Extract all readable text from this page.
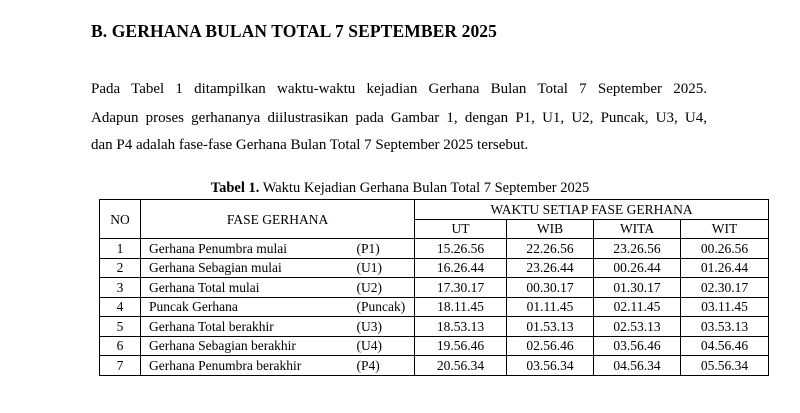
B. GERHANA BULAN TOTAL 7 SEPTEMBER 2025
Pada Tabel 1 ditampilkan waktu-waktu kejadian Gerhana Bulan Total 7 September 2025.
Adapun proses gerhananya diilustrasikan pada Gambar 1, dengan P1, U1, U2, Puncak, U3, U4,
dan P4 adalah fase-fase Gerhana Bulan Total 7 September 2025 tersebut.
Tabel 1. Waktu Kejadian Gerhana Bulan Total 7 September 2025
NO	FASE GERHANA		WAKTU SETIAP FASE GERHANA			
			UT	WIB	WITA	WIT
1	Gerhana Penumbra mulai	(P1)	15.26.56	22.26.56	23.26.56	00.26.56
2	Gerhana Sebagian mulai	(U1)	16.26.44	23.26.44	00.26.44	01.26.44
3	Gerhana Total mulai	(U2)	17.30.17	00.30.17	01.30.17	02.30.17
4	Puncak Gerhana	(Puncak)	18.11.45	01.11.45	02.11.45	03.11.45
5	Gerhana Total berakhir	(U3)	18.53.13	01.53.13	02.53.13	03.53.13
6	Gerhana Sebagian berakhir	(U4)	19.56.46	02.56.46	03.56.46	04.56.46
7	Gerhana Penumbra berakhir	(P4)	20.56.34	03.56.34	04.56.34	05.56.34
